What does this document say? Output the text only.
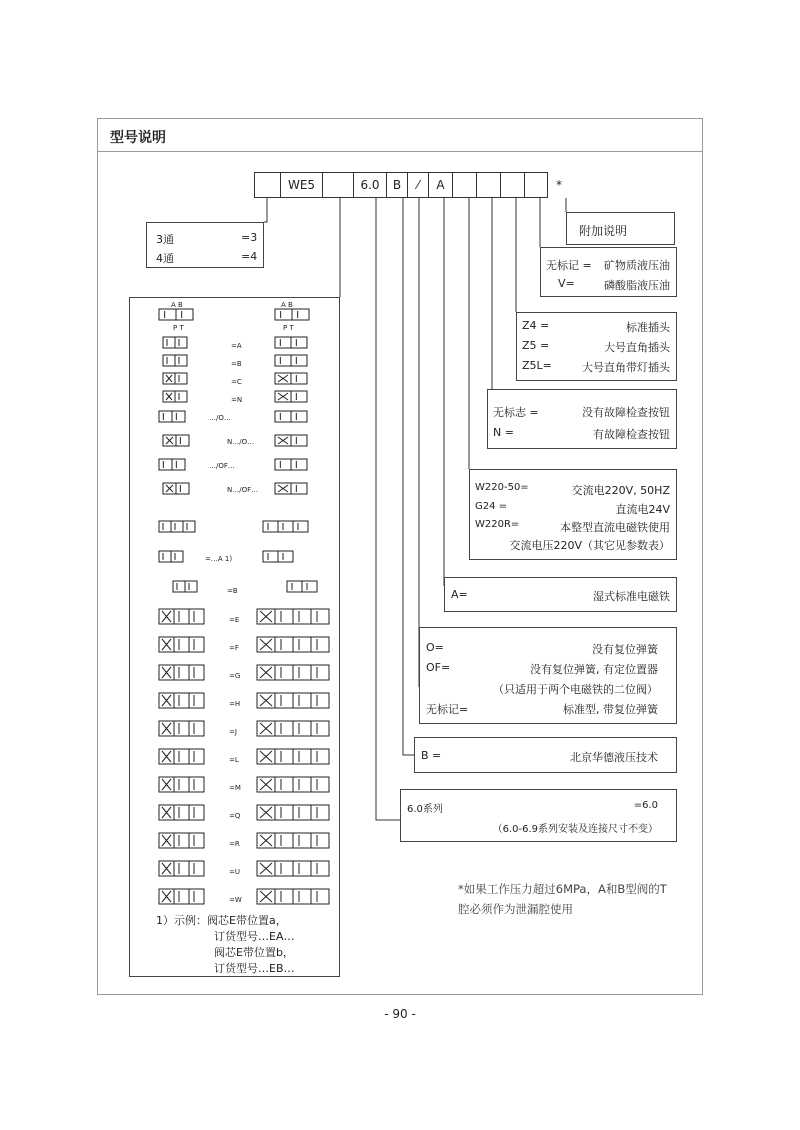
型号说明
WE5	6.0	B	⁄	A	*
3通	=3
4通	=4
附加说明
无标记 = 矿物质液压油
V=	磷酸脂液压油
Z4 =	标准插头
Z5 =	大号直角插头
Z5L=	大号直角带灯插头
无标志 =	没有故障检查按钮
N =	有故障检查按钮
W220-50=	交流电220V, 50HZ
G24 =	直流电24V
W220R=	本整型直流电磁铁使用
交流电压220V（其它见参数表）
A=	湿式标准电磁铁
O=	没有复位弹簧
OF=	没有复位弹簧, 有定位置器
（只适用于两个电磁铁的二位阀）
无标记=	标准型, 带复位弹簧
B =	北京华德液压技术
6.0系列	=6.0
（6.0-6.9系列安装及连接尺寸不变）
*如果工作压力超过6MPa，A和B型阀的T
腔必须作为泄漏腔使用
A B
P T
A B
P T
=A
=B
=C
=N
…/O…
N…/O…
…/OF…
N…/OF…
=…A 1)
=B
=E
=F
=G
=H
=J
=L
=M
=Q
=R
=U
=W
1）示例：阀芯E带位置a，
订货型号…EA…
阀芯E带位置b，
订货型号…EB…
- 90 -
